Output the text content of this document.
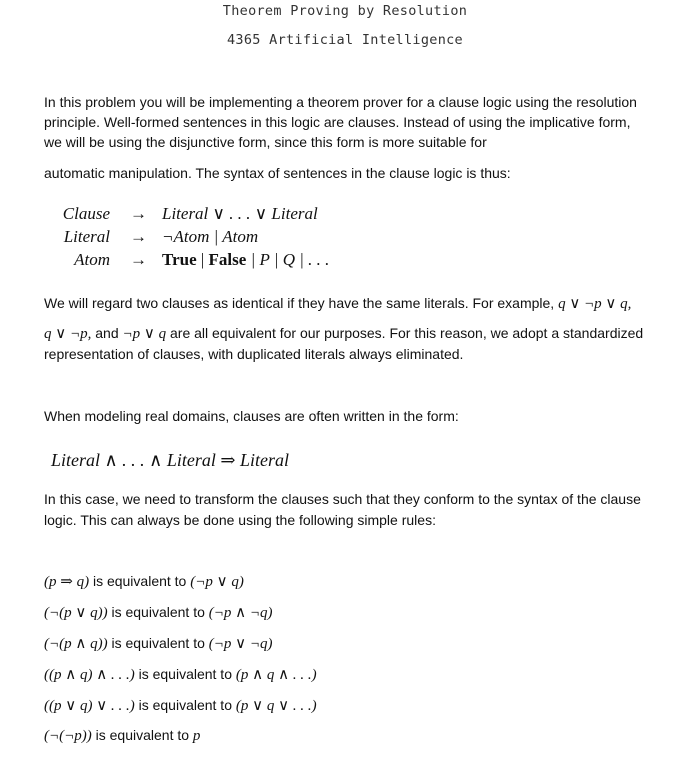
Theorem Proving by Resolution
4365 Artificial Intelligence
In this problem you will be implementing a theorem prover for a clause logic using the resolution
principle. Well-formed sentences in this logic are clauses. Instead of using the implicative form,
we will be using the disjunctive form, since this form is more suitable for
automatic manipulation. The syntax of sentences in the clause logic is thus:
Clause → Literal ∨ . . . ∨ Literal
Literal → ¬Atom | Atom
Atom → True | False | P | Q | . . .
We will regard two clauses as identical if they have the same literals. For example, q ∨ ¬p ∨ q,
q ∨ ¬p, and ¬p ∨ q are all equivalent for our purposes. For this reason, we adopt a standardized
representation of clauses, with duplicated literals always eliminated.
When modeling real domains, clauses are often written in the form:
Literal ∧ . . . ∧ Literal ⇒ Literal
In this case, we need to transform the clauses such that they conform to the syntax of the clause
logic. This can always be done using the following simple rules:
(p ⇒ q) is equivalent to (¬p ∨ q)
(¬(p ∨ q)) is equivalent to (¬p ∧ ¬q)
(¬(p ∧ q)) is equivalent to (¬p ∨ ¬q)
((p ∧ q) ∧ . . .) is equivalent to (p ∧ q ∧ . . .)
((p ∨ q) ∨ . . .) is equivalent to (p ∨ q ∨ . . .)
(¬(¬p)) is equivalent to p
